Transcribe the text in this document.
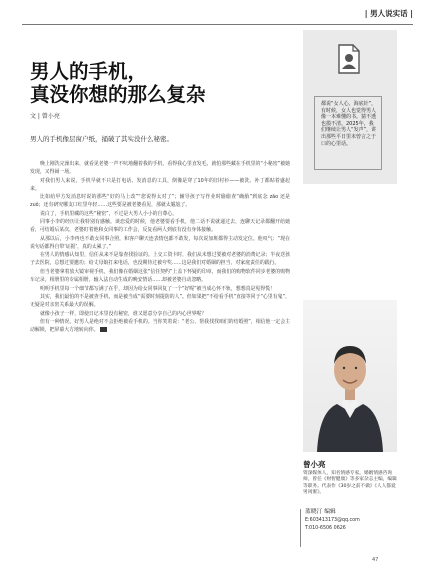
| 男人说实话 |
男人的手机，
真没你想的那么复杂
文 | 曾小亮
都说“女人心，海底针”，有时候，女人也觉得男人像一本难懂的书。猜不透也摸不清。2025年，我们继续让男人“发声”，讲出那些平日里未曾言之于口的心里话。
男人的手机像层窗户纸，捅破了其实没什么秘密。

晚上刚洗完澡出来，就看见老婆一声不吭地翻着我的手机，看得我心里直发毛，就怕那些藏在手机里的“小秘密”被她发现，又得闹一场。

对我们男人来说，手机早就不只是打电话、发消息的工具，倒像是穿了10年的旧衬衫——被洗、补丁都贴着盛起来。

比如给甲方发消息时说的那些“好的马上改”“您说得太对了”；辅导孩子写作业时偷偷查“确胎”到底念 zāo 还是 zuǒ；还有研究哪支口红里年轻……这些要是被老婆看见，那就太尴尬了。

说白了，手机里藏的这些“秘密”，不过是大男人小小的自尊心。

同事小李的经历让我特别有感触。谈恋爱的时候，他老婆要看手机，他二话不说就递过去，连聊天记录都翻开给她看，可结婚后某次，老婆盯着他和女同事的工作会，反复看两人到底有没有身体接触。

从那以后，小李再也不敢女同事合照，和客户聊天连表情包都不敢发，每次说加班都得主动发定位。他叹气：“现在说句话都得自带‘证据’，真的太累了。”

在男人的情感认知里，信任从来不是靠查找验证的。上交工资卡时，我们从未想过要被对老婆的消费记录；半夜送孩子去医院，总想过要邀功；给丈母娘打来电话，也没期待过被夸奖……这是我们对婚姻的担当，对家庭责任的践行。

但当老婆拿着放大镜审视手机，我们像在婚姻这张“信任契约”上盖下怀疑的印章，而我们的购物软件同步老婆的购物车记录，相册里的专属相册，输入法自动生成的晚安情话……却被老婆自动忽略。

明明手机里每一个细节都写满了在乎，却因为给女同事回复了一个“好呢”被当成心怀不轨，想想真是冤得慌！

其实，我们最怕的不是被查手机，而是被当成“需要时刻提防的人”。但如果把“不给看手机”直接等同于“心里有鬼”，无疑是对亲密关系最大的误解。

就像小孩子一样，即使日记本里没有秘密，谁又愿意分享自己的内心世界呢？

但有一种情况，好男人是绝对不会拒绝被看手机的。当你笑着说：“老公，帮我找找咱们的结婚照”，相信他一定会主动解锁，把屏幕大方地转向你。	M

曾小亮
资深媒体人，知名情感专家。婚姻情感咨询师，曾任《财智健康》等多家杂志主编，编辑等职务。代表作《30岁之前不做》《人人都爱男闺蜜》。
蓝晓汀 编辑
E:603413173@qq.com
T:010-6506 0626
47
